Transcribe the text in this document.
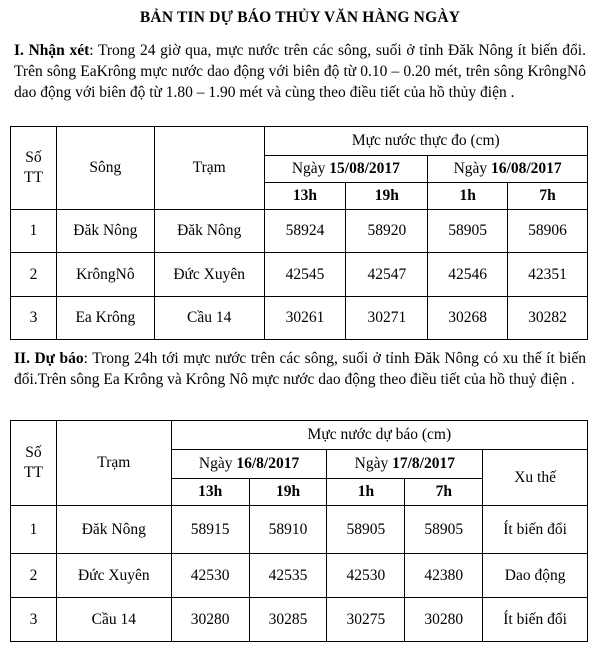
BẢN TIN DỰ BÁO THỦY VĂN HÀNG NGÀY
I. Nhận xét: Trong 24 giờ qua, mực nước trên các sông, suối ở tỉnh Đăk Nông ít biến đổi. Trên sông EaKrông mực nước dao động với biên độ từ 0.10 – 0.20 mét, trên sông KrôngNô dao động với biên độ từ 1.80 – 1.90 mét và cùng theo điều tiết của hồ thủy điện .
Số TT	Sông	Trạm	Mực nước thực đo (cm)			
			Ngày 15/08/2017		Ngày 16/08/2017	
			13h	19h	1h	7h
1	Đăk Nông	Đăk Nông	58924	58920	58905	58906
2	KrôngNô	Đức Xuyên	42545	42547	42546	42351
3	Ea Krông	Cầu 14	30261	30271	30268	30282
II. Dự báo: Trong 24h tới mực nước trên các sông, suối ở tỉnh Đăk Nông có xu thế ít biến đổi.Trên sông Ea Krông và Krông Nô mực nước dao động theo điều tiết của hồ thuỷ điện .
Số TT	Trạm	Mực nước dự báo (cm)				
		Ngày 16/8/2017		Ngày 17/8/2017		Xu thế
		13h	19h	1h	7h	
1	Đăk Nông	58915	58910	58905	58905	Ít biến đổi
2	Đức Xuyên	42530	42535	42530	42380	Dao động
3	Cầu 14	30280	30285	30275	30280	Ít biến đổi
